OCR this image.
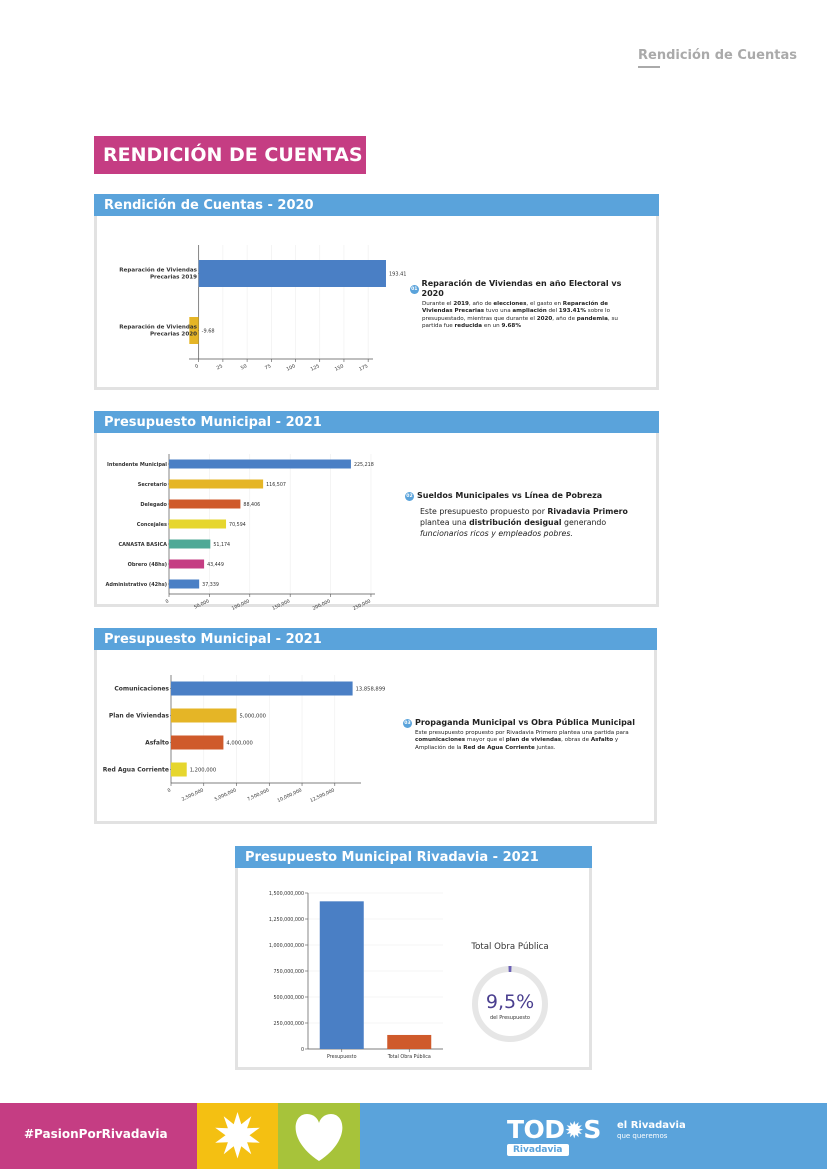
Rendición de Cuentas
RENDICIÓN DE CUENTAS
Rendición de Cuentas - 2020
0	25	50	75	100	125	150	175
Reparación de Viviendas
Precarias 2019	193.41
Reparación de Viviendas
Precarias 2020 -9.68
01
Reparación de Viviendas en año Electoral vs 2020
Durante el 2019, año de elecciones, el gasto en Reparación de Viviendas Precarias tuvo una ampliación del 193.41% sobre lo presupuestado, mientras que durante el 2020, año de pandemia, su partida fue reducida en un 9.68%
Presupuesto Municipal - 2021
0	50,000	100,000	150,000	200,000	250,000
Intendente Municipal	225,218
Secretario	116,507
Delegado	88,406
Concejales	70,594
CANASTA BASICA	51,174
Obrero (48hs)	43,449
Administrativo (42hs)	37,339
02 Sueldos Municipales vs Línea de Pobreza
Este presupuesto propuesto por Rivadavia Primero plantea una distribución desigual generando funcionarios ricos y empleados pobres.
Presupuesto Municipal - 2021
0 2,500,000 5,000,000 7,500,000 10,000,000 12,500,000
Comunicaciones	13,858,899
Plan de Viviendas	5,000,000
Asfalto	4,000,000
Red Agua Corriente	1,200,000
03 Propaganda Municipal vs Obra Pública Municipal
Este presupuesto propuesto por Rivadavia Primero plantea una partida para comunicaciones mayor que el plan de viviendas, obras de Asfalto y Ampliación de la Red de Agua Corriente juntas.
Presupuesto Municipal Rivadavia - 2021
0
250,000,000
500,000,000
750,000,000
1,000,000,000
1,250,000,000
1,500,000,000
Presupuesto	Total Obra Pública
Total Obra Pública
9,5%
del Presupuesto
#PasionPorRivadavia	TOD✹S
Rivadavia
el Rivadavia
que queremos
